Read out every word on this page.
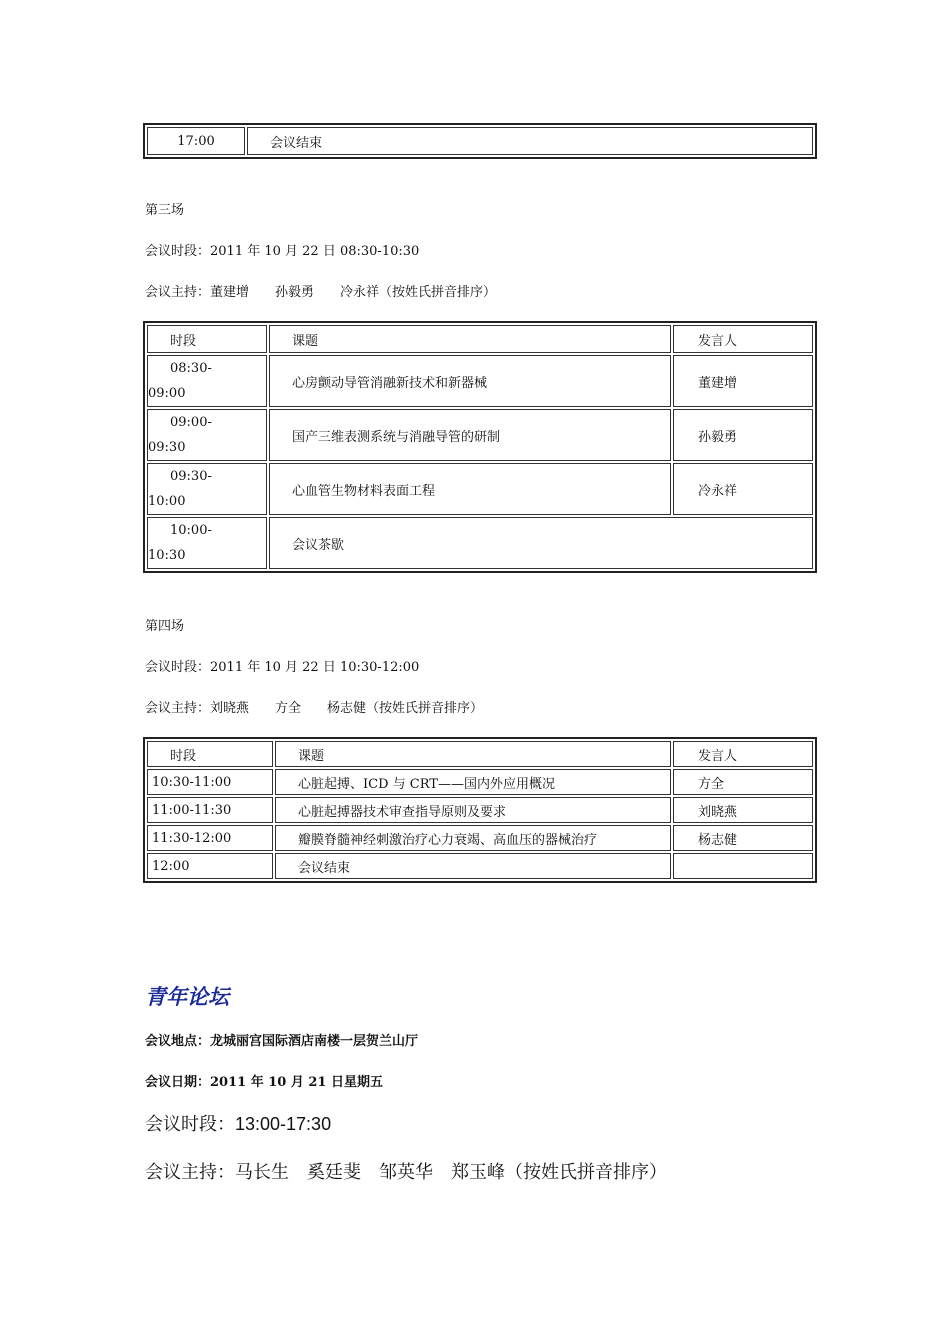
17:00	会议结束
第三场
会议时段：2011 年 10 月 22 日 08:30-10:30
会议主持：董建增　　孙毅勇　　冷永祥（按姓氏拼音排序）
时段	课题	发言人

08:30-
09:00	心房颤动导管消融新技术和新器械	董建增

09:00-
09:30	国产三维表测系统与消融导管的研制	孙毅勇

09:30-
10:00	心血管生物材料表面工程	冷永祥

10:00-
10:30	会议茶歇	
第四场
会议时段：2011 年 10 月 22 日 10:30-12:00
会议主持：刘晓燕　　方全　　杨志健（按姓氏拼音排序）
时段	课题	发言人
10:30-11:00	心脏起搏、ICD 与 CRT——国内外应用概况	方全
11:00-11:30	心脏起搏器技术审查指导原则及要求	刘晓燕
11:30-12:00	瓣膜脊髓神经刺激治疗心力衰竭、高血压的器械治疗	杨志健
12:00	会议结束	
青年论坛
会议地点：龙城丽宫国际酒店南楼一层贺兰山厅
会议日期：2011 年 10 月 21 日星期五
会议时段：13:00-17:30
会议主持：马长生　奚廷斐　邹英华　郑玉峰（按姓氏拼音排序）
